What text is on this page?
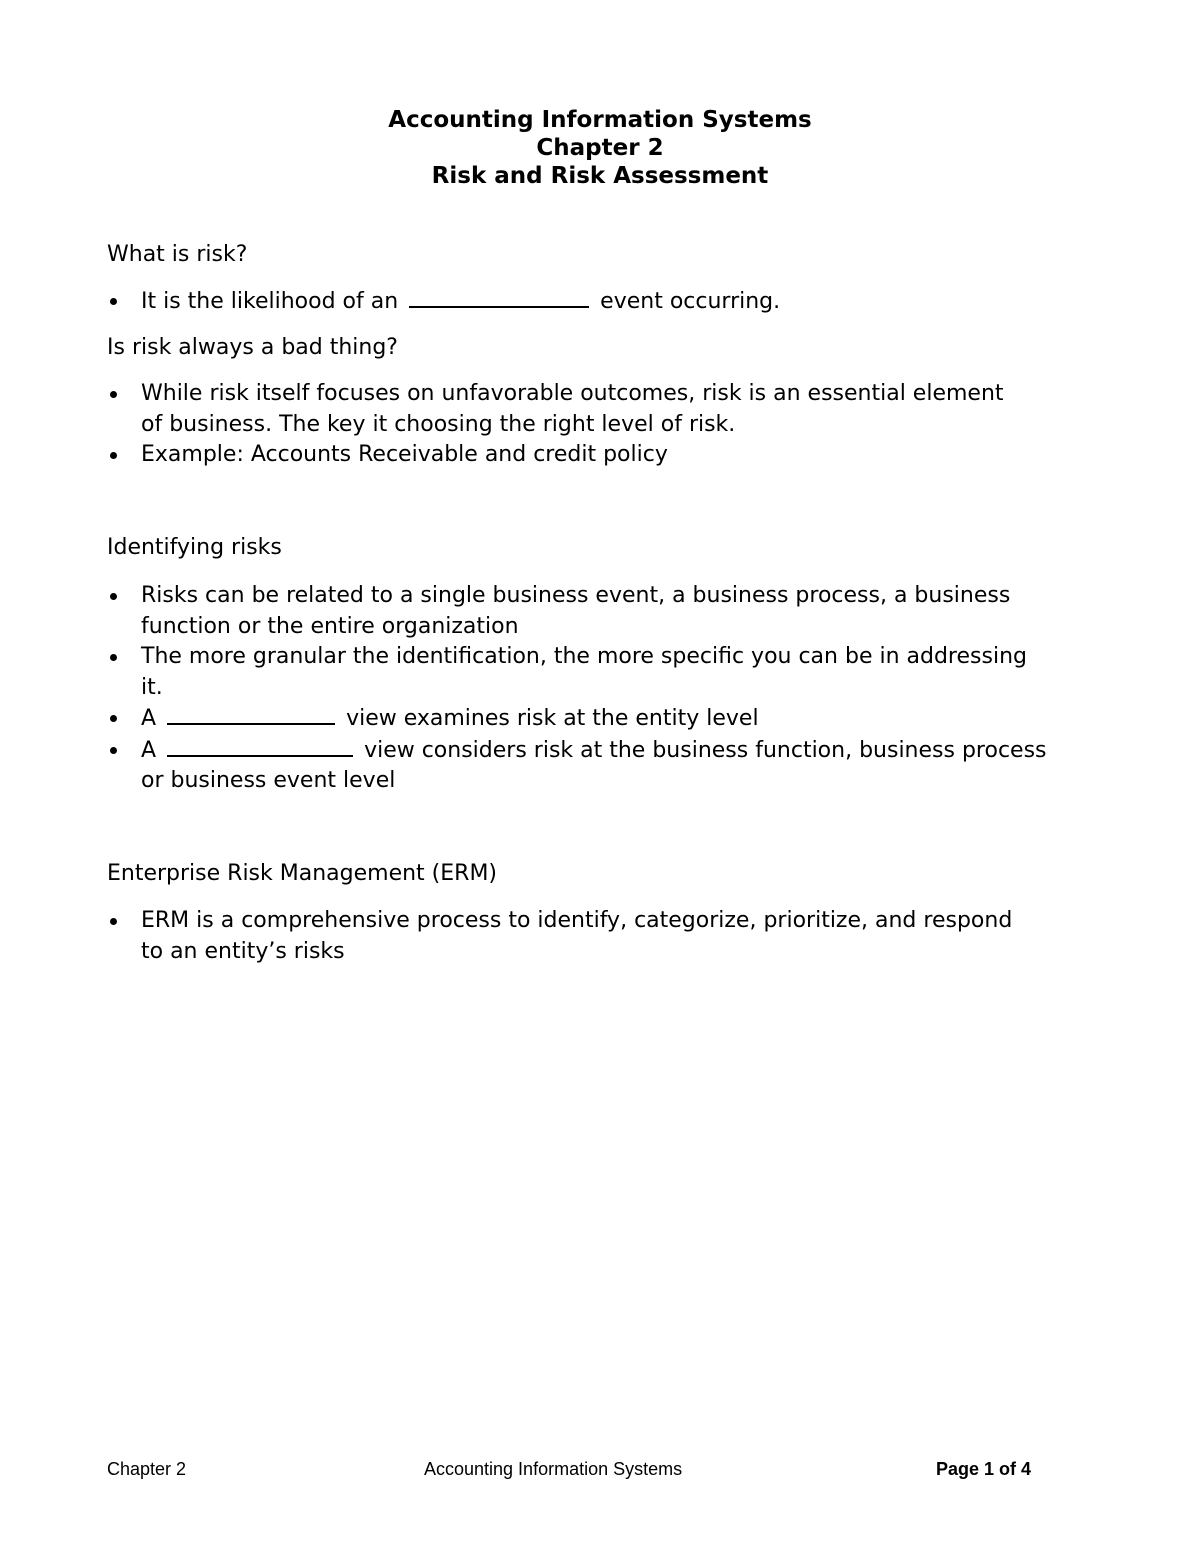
Accounting Information Systems
Chapter 2
Risk and Risk Assessment
What is risk?
It is the likelihood of an	event occurring.
Is risk always a bad thing?
While risk itself focuses on unfavorable outcomes, risk is an essential element
of business. The key it choosing the right level of risk.
Example: Accounts Receivable and credit policy
Identifying risks
Risks can be related to a single business event, a business process, a business
function or the entire organization
The more granular the identification, the more specific you can be in addressing
it.
A	view examines risk at the entity level
A	view considers risk at the business function, business process
or business event level
Enterprise Risk Management (ERM)
ERM is a comprehensive process to identify, categorize, prioritize, and respond
to an entity’s risks
Chapter 2	Accounting Information Systems	Page 1 of 4
